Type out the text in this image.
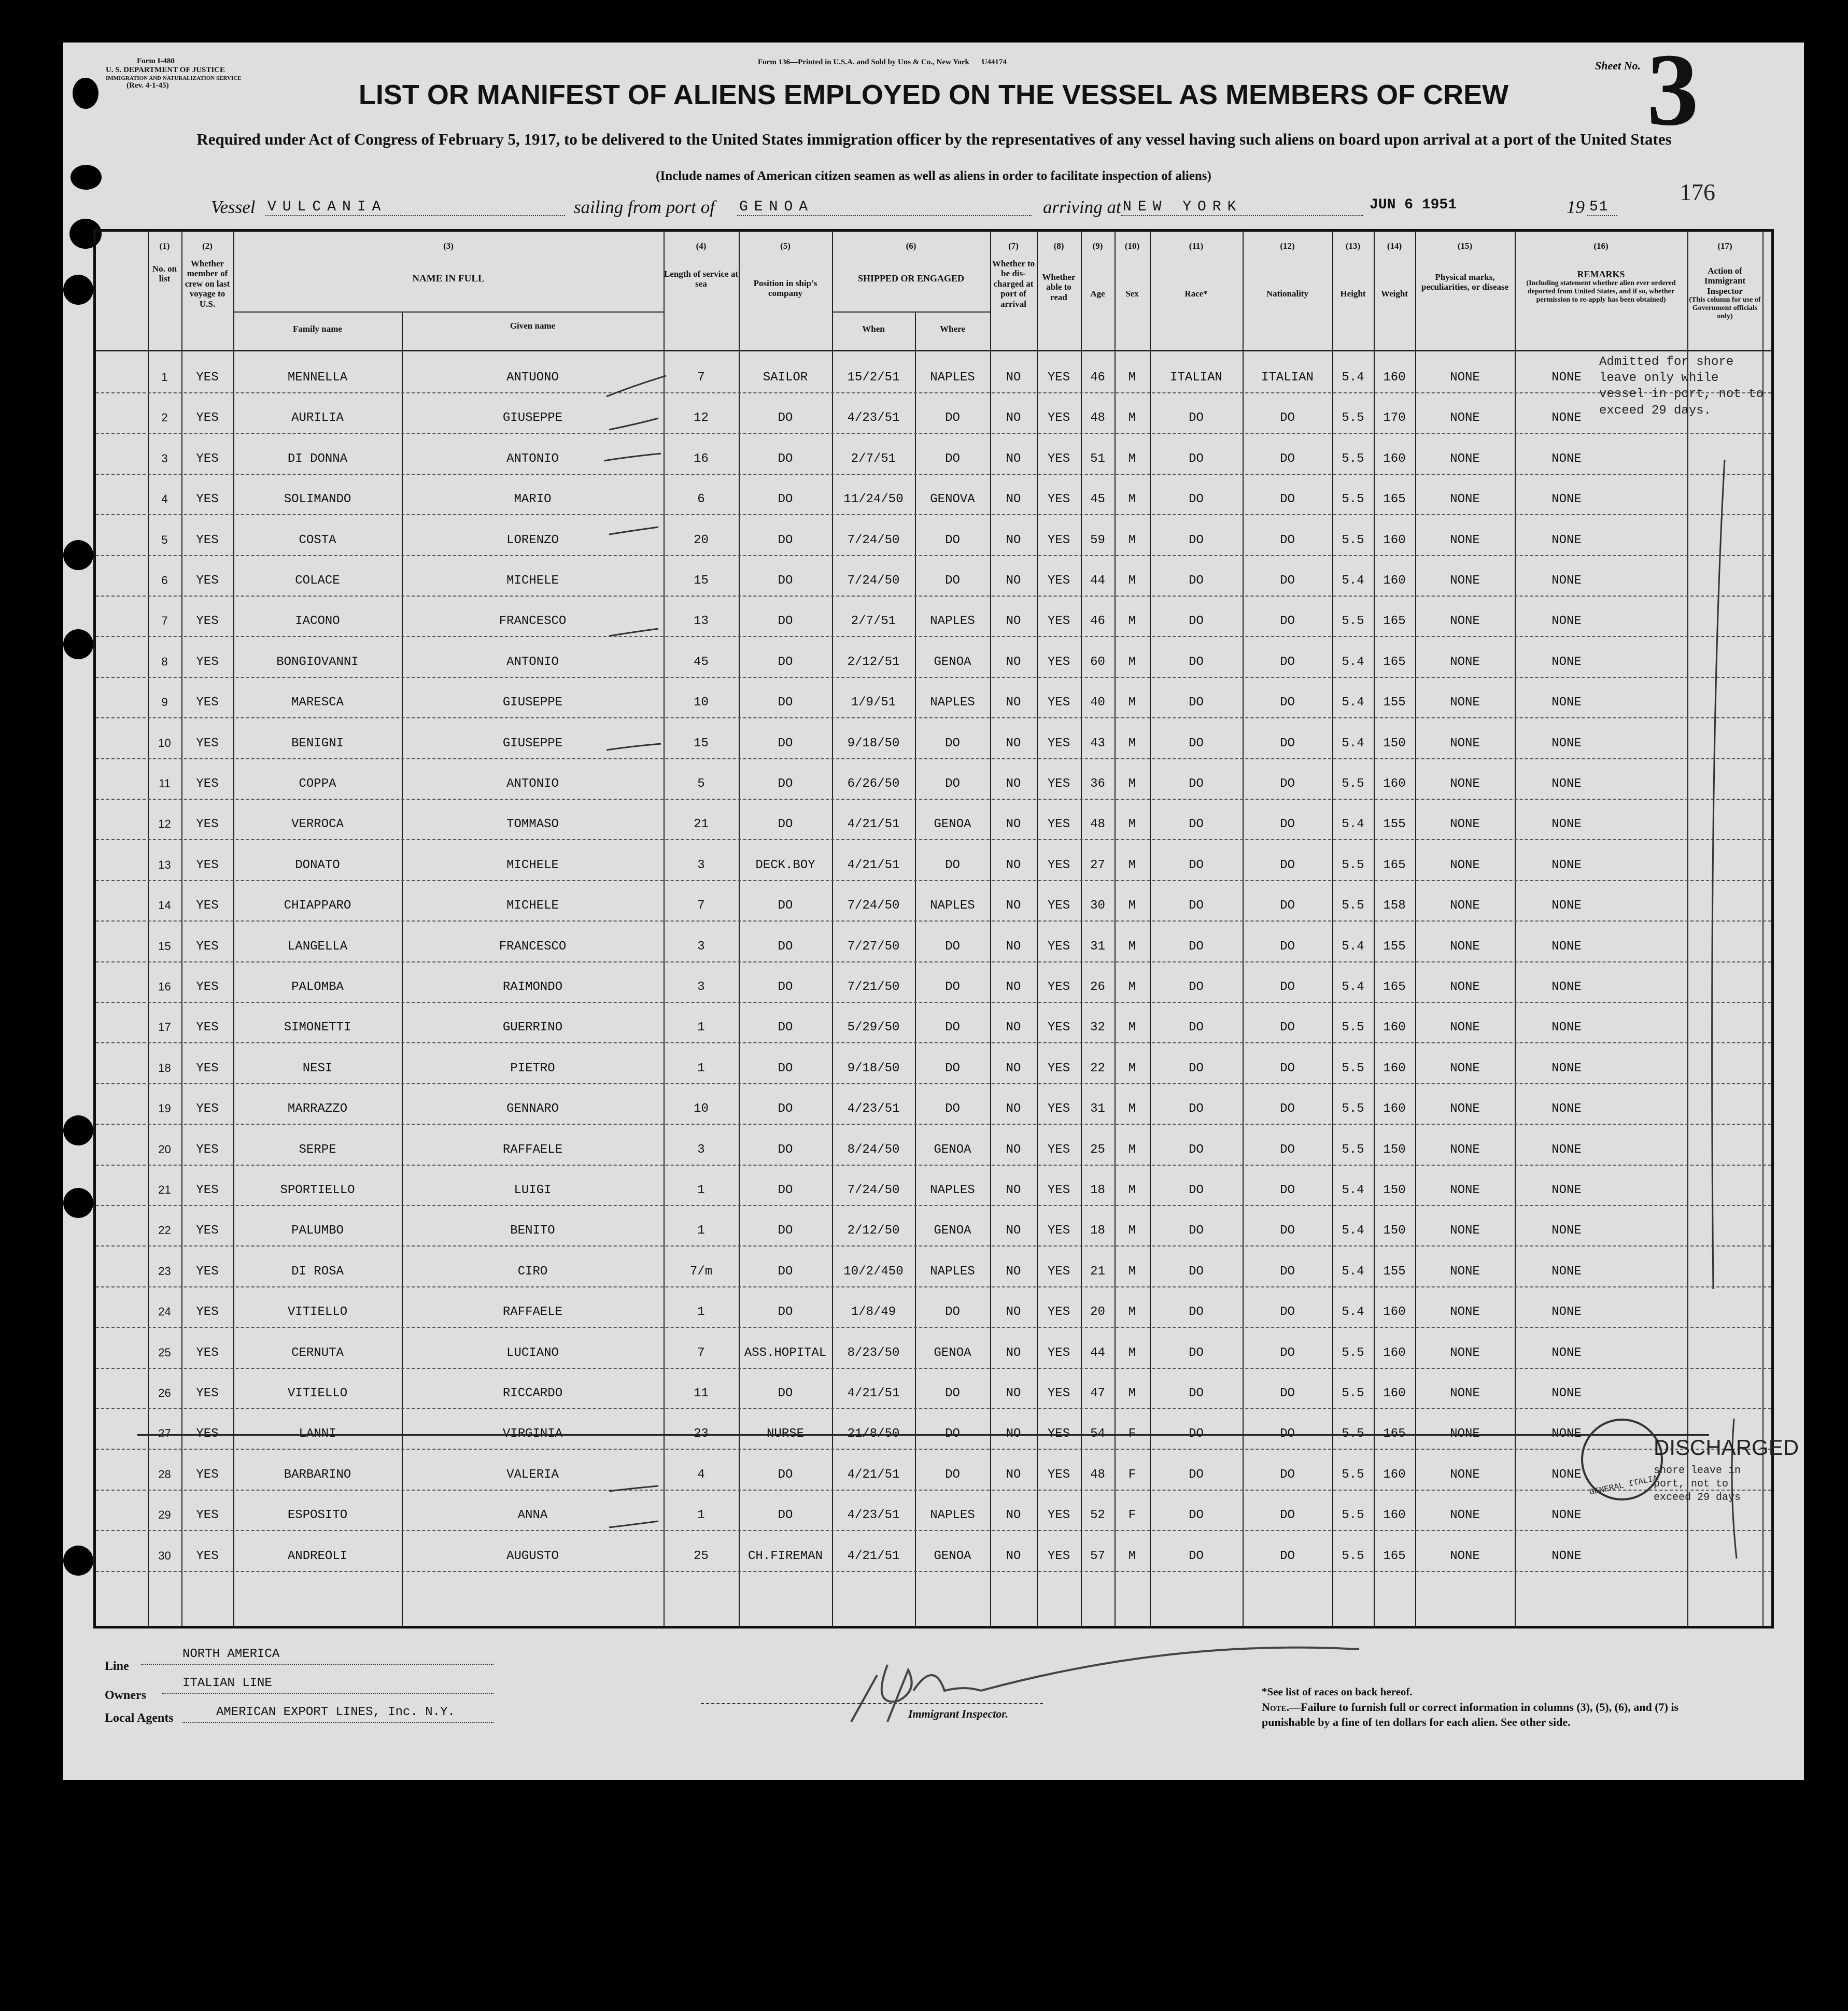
Form I-480
U. S. DEPARTMENT OF JUSTICE
IMMIGRATION AND NATURALIZATION SERVICE
(Rev. 4-1-45)
Form 136—Printed in U.S.A. and Sold by Uns & Co., New York U44174	Sheet No. 3
176
LIST OR MANIFEST OF ALIENS EMPLOYED ON THE VESSEL AS MEMBERS OF CREW
Required under Act of Congress of February 5, 1917, to be delivered to the United States immigration officer by the representatives of any vessel having such aliens on board upon arrival at a port of the United States
(Include names of American citizen seamen as well as aliens in order to facilitate inspection of aliens)
Vessel VULCANIA	sailing from port of GENOA	arriving at NEW YORK	JUN 6 1951	19 51
(1)
No. on list
(2)
Whether member of crew on last voyage to U.S.
(3)
NAME IN FULL
Family name	Given name
(4)
Length of service at sea
(5)
Position in ship's company
(6)
SHIPPED OR ENGAGED
When	Where
(7)
Whether to be dis-charged at port of arrival
(8)
Whether able to read
(9)
Age
(10)
Sex
(11)
Race*
(12)
Nationality
(13)
Height
(14)
Weight
(15)
Physical marks, peculiarities, or disease
(16)
REMARKS
(Including statement whether alien ever ordered deported from United States, and if so, whether permission to re-apply has been obtained)
(17)
Action of Immigrant Inspector
(This column for use of Government officials only)
1	YES	MENNELLA	ANTUONO	7	SAILOR	15/2/51	NAPLES	NO	YES	46	M	ITALIAN	ITALIAN	5.4	160	NONE	NONE
2	YES	AURILIA	GIUSEPPE	12	DO	4/23/51	DO	NO	YES	48	M	DO	DO	5.5	170	NONE	NONE
3	YES	DI DONNA	ANTONIO	16	DO	2/7/51	DO	NO	YES	51	M	DO	DO	5.5	160	NONE	NONE
4	YES	SOLIMANDO	MARIO	6	DO	11/24/50	GENOVA	NO	YES	45	M	DO	DO	5.5	165	NONE	NONE
5	YES	COSTA	LORENZO	20	DO	7/24/50	DO	NO	YES	59	M	DO	DO	5.5	160	NONE	NONE
6	YES	COLACE	MICHELE	15	DO	7/24/50	DO	NO	YES	44	M	DO	DO	5.4	160	NONE	NONE
7	YES	IACONO	FRANCESCO	13	DO	2/7/51	NAPLES	NO	YES	46	M	DO	DO	5.5	165	NONE	NONE
8	YES	BONGIOVANNI	ANTONIO	45	DO	2/12/51	GENOA	NO	YES	60	M	DO	DO	5.4	165	NONE	NONE
9	YES	MARESCA	GIUSEPPE	10	DO	1/9/51	NAPLES	NO	YES	40	M	DO	DO	5.4	155	NONE	NONE
10	YES	BENIGNI	GIUSEPPE	15	DO	9/18/50	DO	NO	YES	43	M	DO	DO	5.4	150	NONE	NONE
11	YES	COPPA	ANTONIO	5	DO	6/26/50	DO	NO	YES	36	M	DO	DO	5.5	160	NONE	NONE
12	YES	VERROCA	TOMMASO	21	DO	4/21/51	GENOA	NO	YES	48	M	DO	DO	5.4	155	NONE	NONE
13	YES	DONATO	MICHELE	3	DECK.BOY	4/21/51	DO	NO	YES	27	M	DO	DO	5.5	165	NONE	NONE
14	YES	CHIAPPARO	MICHELE	7	DO	7/24/50	NAPLES	NO	YES	30	M	DO	DO	5.5	158	NONE	NONE
15	YES	LANGELLA	FRANCESCO	3	DO	7/27/50	DO	NO	YES	31	M	DO	DO	5.4	155	NONE	NONE
16	YES	PALOMBA	RAIMONDO	3	DO	7/21/50	DO	NO	YES	26	M	DO	DO	5.4	165	NONE	NONE
17	YES	SIMONETTI	GUERRINO	1	DO	5/29/50	DO	NO	YES	32	M	DO	DO	5.5	160	NONE	NONE
18	YES	NESI	PIETRO	1	DO	9/18/50	DO	NO	YES	22	M	DO	DO	5.5	160	NONE	NONE
19	YES	MARRAZZO	GENNARO	10	DO	4/23/51	DO	NO	YES	31	M	DO	DO	5.5	160	NONE	NONE
20	YES	SERPE	RAFFAELE	3	DO	8/24/50	GENOA	NO	YES	25	M	DO	DO	5.5	150	NONE	NONE
21	YES	SPORTIELLO	LUIGI	1	DO	7/24/50	NAPLES	NO	YES	18	M	DO	DO	5.4	150	NONE	NONE
22	YES	PALUMBO	BENITO	1	DO	2/12/50	GENOA	NO	YES	18	M	DO	DO	5.4	150	NONE	NONE
23	YES	DI ROSA	CIRO	7/m	DO	10/2/450	NAPLES	NO	YES	21	M	DO	DO	5.4	155	NONE	NONE
24	YES	VITIELLO	RAFFAELE	1	DO	1/8/49	DO	NO	YES	20	M	DO	DO	5.4	160	NONE	NONE
25	YES	CERNUTA	LUCIANO	7	ASS.HOPITAL	8/23/50	GENOA	NO	YES	44	M	DO	DO	5.5	160	NONE	NONE
26	YES	VITIELLO	RICCARDO	11	DO	4/21/51	DO	NO	YES	47	M	DO	DO	5.5	160	NONE	NONE
27	YES	LANNI	VIRGINIA	23	NURSE	21/8/50	DO	NO	YES	54	F	DO	DO	5.5	165	NONE	NONE
28	YES	BARBARINO	VALERIA	4	DO	4/21/51	DO	NO	YES	48	F	DO	DO	5.5	160	NONE	NONE
29	YES	ESPOSITO	ANNA	1	DO	4/23/51	NAPLES	NO	YES	52	F	DO	DO	5.5	160	NONE	NONE
30	YES	ANDREOLI	AUGUSTO	25	CH.FIREMAN	4/21/51	GENOA	NO	YES	57	M	DO	DO	5.5	165	NONE	NONE
Admitted for shore leave only while vessel in port, not to exceed 29 days.
GENERAL ITALIA
DISCHARGED
shore leave in port, not to exceed 29 days
Line
NORTH AMERICA
Owners
ITALIAN LINE
Local Agents	AMERICAN EXPORT LINES, Inc. N.Y.	Immigrant Inspector.
*See list of races on back hereof.
Note.—Failure to furnish full or correct information in columns (3), (5), (6), and (7) is punishable by a fine of ten dollars for each alien. See other side.
